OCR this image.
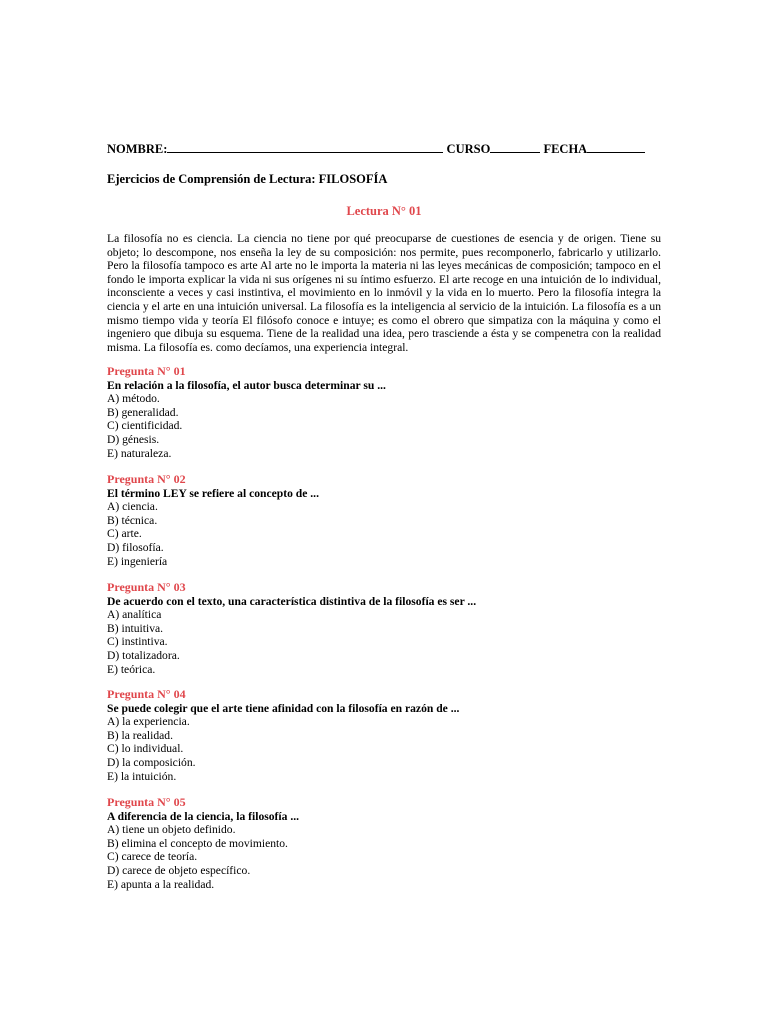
NOMBRE:	CURSO	FECHA
Ejercicios de Comprensión de Lectura: FILOSOFÍA
Lectura N° 01

La filosofía no es ciencia. La ciencia no tiene por qué preocuparse de cuestiones de esencia y de origen. Tiene su objeto; lo descompone, nos enseña la ley de su composición: nos permite, pues recomponerlo, fabricarlo y utilizarlo. Pero la filosofía tampoco es arte Al arte no le importa la materia ni las leyes mecánicas de composición; tampoco en el fondo le importa explicar la vida ni sus orígenes ni su íntimo esfuerzo. El arte recoge en una intuición de lo individual, inconsciente a veces y casi instintiva, el movimiento en lo inmóvil y la vida en lo muerto. Pero la filosofía integra la ciencia y el arte en una intuición universal. La filosofía es la inteligencia al servicio de la intuición. La filosofía es a un mismo tiempo vida y teoría El filósofo conoce e intuye; es como el obrero que simpatiza con la máquina y como el ingeniero que dibuja su esquema. Tiene de la realidad una idea, pero trasciende a ésta y se compenetra con la realidad misma. La filosofía es. como decíamos, una experiencia integral.

Pregunta N° 01
En relación a la filosofía, el autor busca determinar su ...
A) método.
B) generalidad.
C) cientificidad.
D) génesis.
E) naturaleza.
Pregunta N° 02
El término LEY se refiere al concepto de ...
A) ciencia.
B) técnica.
C) arte.
D) filosofía.
E) ingeniería
Pregunta N° 03
De acuerdo con el texto, una característica distintiva de la filosofía es ser ...
A) analítica
B) intuitiva.
C) instintiva.
D) totalizadora.
E) teórica.
Pregunta N° 04
Se puede colegir que el arte tiene afinidad con la filosofía en razón de ...
A) la experiencia.
B) la realidad.
C) lo individual.
D) la composición.
E) la intuición.
Pregunta N° 05
A diferencia de la ciencia, la filosofía ...
A) tiene un objeto definido.
B) elimina el concepto de movimiento.
C) carece de teoría.
D) carece de objeto específico.
E) apunta a la realidad.
